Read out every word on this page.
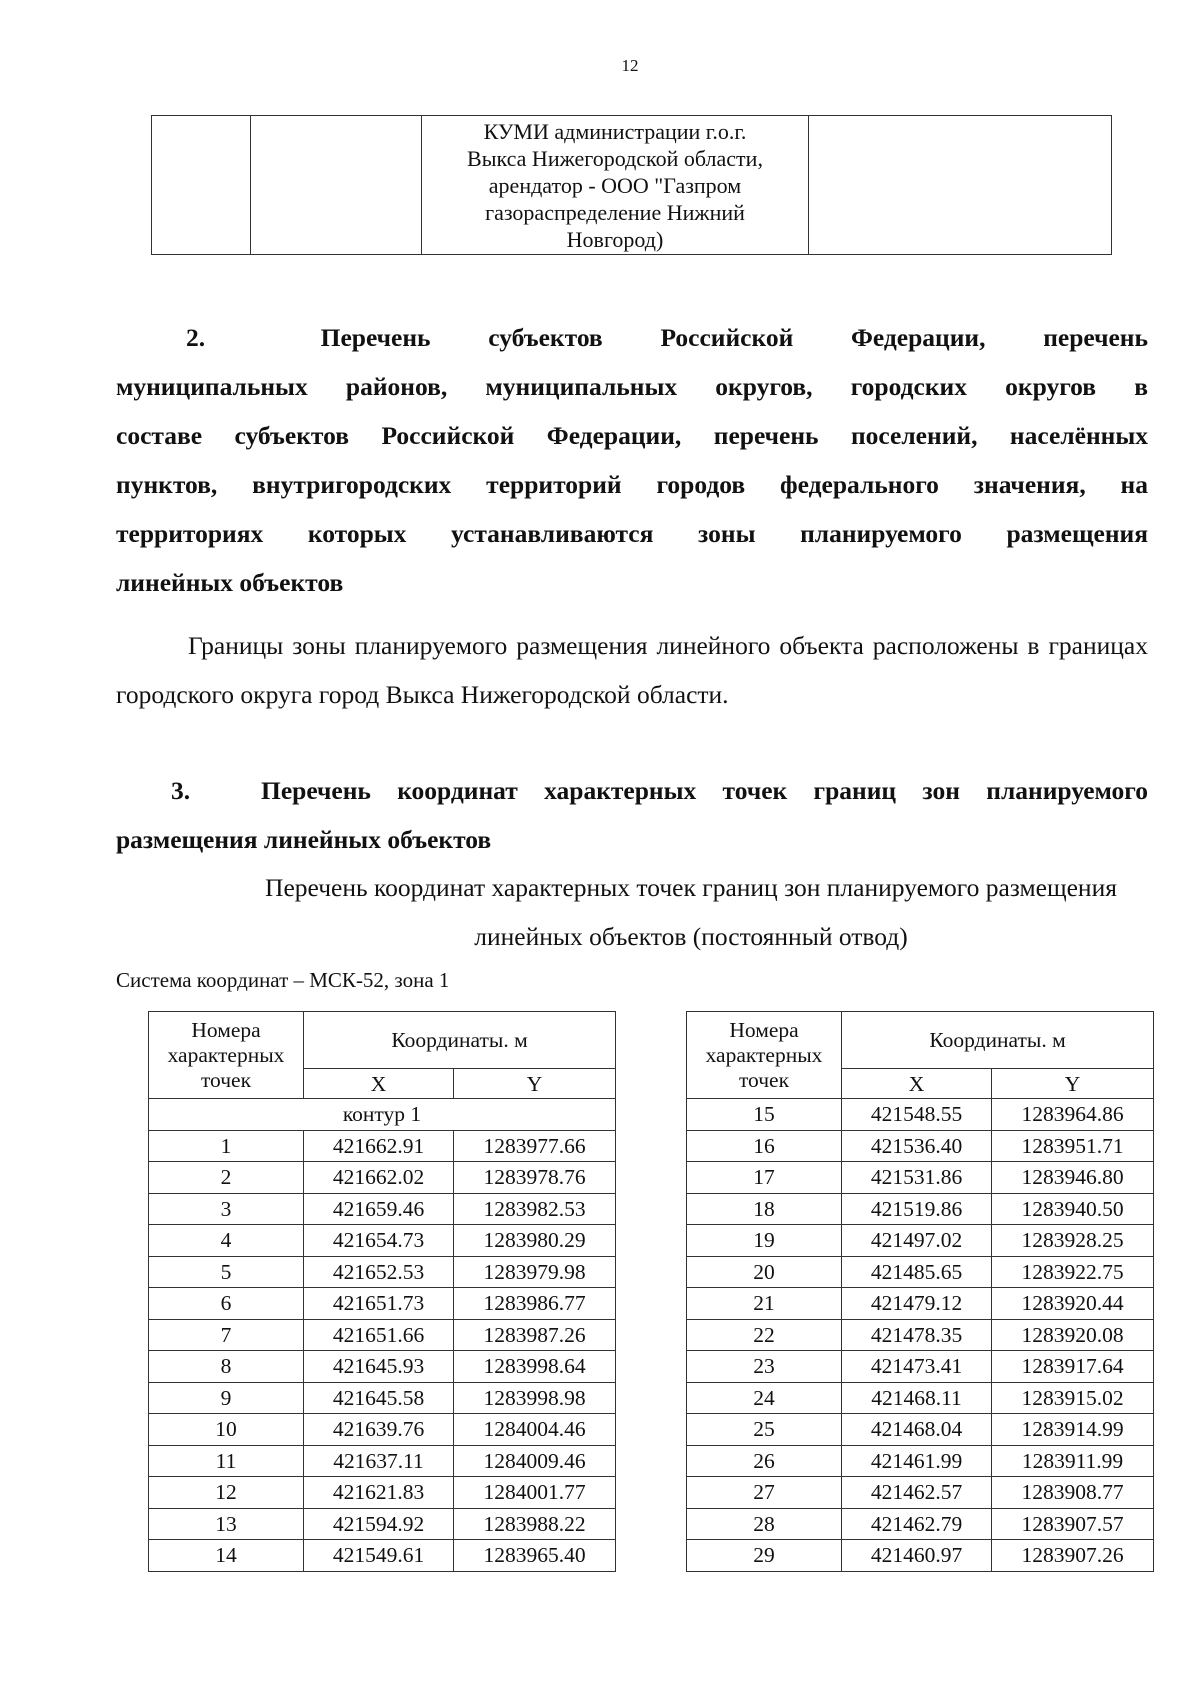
12

КУМИ администрации г.о.г.
Выкса Нижегородской области,
арендатор - ООО "Газпром
газораспределение Нижний
Новгород)

2.  Перечень субъектов Российской Федерации, перечень
муниципальных районов, муниципальных округов, городских округов в
составе субъектов Российской Федерации, перечень поселений, населённых
пунктов, внутригородских территорий городов федерального значения, на
территориях которых устанавливаются зоны планируемого размещения
линейных объектов
Границы зоны планируемого размещения линейного объекта расположены в границах городского округа город Выкса Нижегородской области.
3.	Перечень координат характерных точек границ зон планируемого
размещения линейных объектов
Перечень координат характерных точек границ зон планируемого размещения
линейных объектов (постоянный отвод)
Система координат – МСК-52, зона 1
Номера характерных точек	Координаты. м	
	X	Y
контур 1		
1	421662.91	1283977.66
2	421662.02	1283978.76
3	421659.46	1283982.53
4	421654.73	1283980.29
5	421652.53	1283979.98
6	421651.73	1283986.77
7	421651.66	1283987.26
8	421645.93	1283998.64
9	421645.58	1283998.98
10	421639.76	1284004.46
11	421637.11	1284009.46
12	421621.83	1284001.77
13	421594.92	1283988.22
14	421549.61	1283965.40
Номера характерных точек	Координаты. м	
	X	Y
15	421548.55	1283964.86
16	421536.40	1283951.71
17	421531.86	1283946.80
18	421519.86	1283940.50
19	421497.02	1283928.25
20	421485.65	1283922.75
21	421479.12	1283920.44
22	421478.35	1283920.08
23	421473.41	1283917.64
24	421468.11	1283915.02
25	421468.04	1283914.99
26	421461.99	1283911.99
27	421462.57	1283908.77
28	421462.79	1283907.57
29	421460.97	1283907.26
